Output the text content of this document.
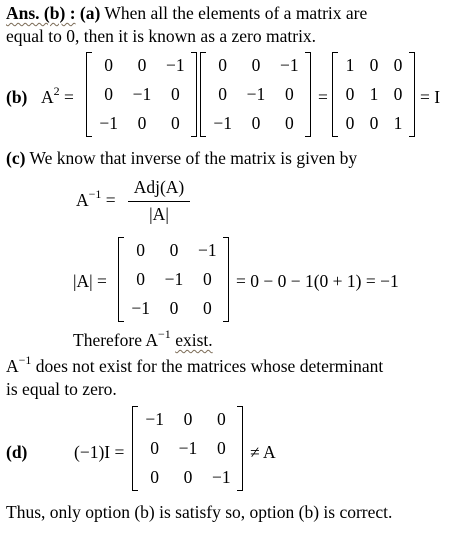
Ans. (b) : (a) When all the elements of a matrix are
equal to 0, then it is known as a zero matrix.
(b) $A^2$ =
0	0	−1
0	−1	0
−1	0	0
0	0	−1
0	−1	0
−1	0	0
=
1 0 0
0 1 0
0 0 1
= I
(c) We know that inverse of the matrix is given by
$A^{-1}$ =
Adj(A)
|A|
|A| =
0	0	−1
0	−1	0
−1	0	0
= 0 − 0 − 1(0 + 1) = −1
Therefore $A^{-1}$ exist.
$A^{-1}$ does not exist for the matrices whose determinant
is equal to zero.
(d)	(−1)I =
−1	0	0
0	−1	0
0	0	−1
≠ A
Thus, only option (b) is satisfy so, option (b) is correct.
